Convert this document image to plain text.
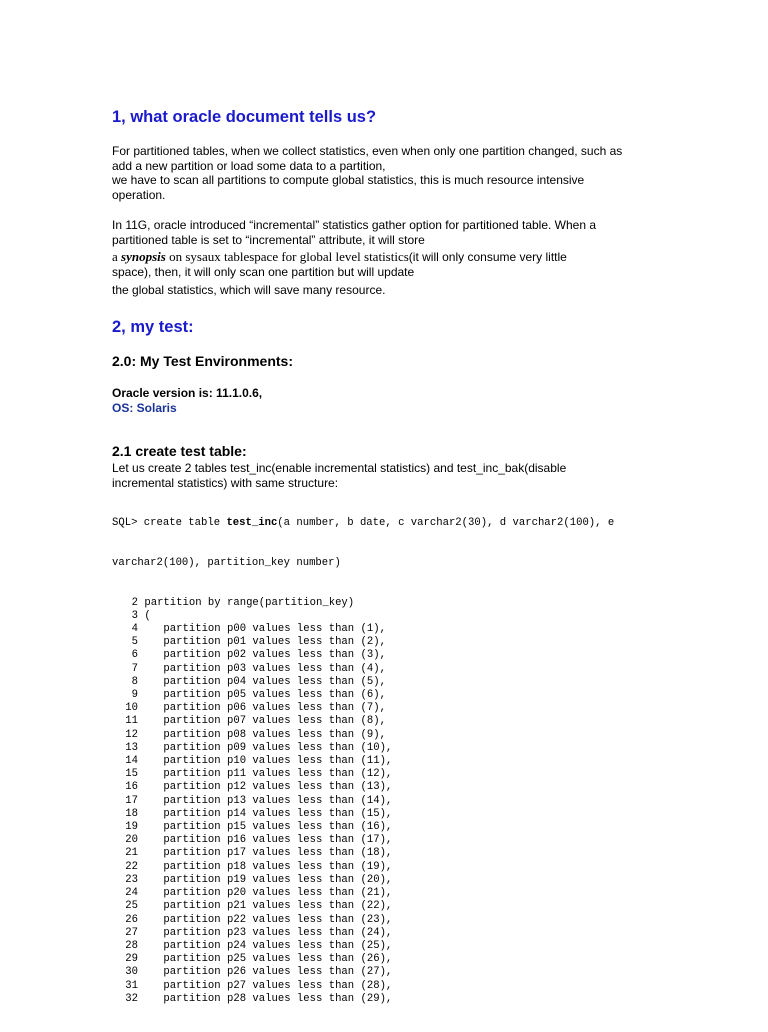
1, what oracle document tells us?
For partitioned tables, when we collect statistics, even when only one partition changed, such as
add a new partition or load some data to a partition,
we have to scan all partitions to compute global statistics, this is much resource intensive
operation.
In 11G, oracle introduced “incremental” statistics gather option for partitioned table. When a
partitioned table is set to “incremental” attribute, it will store
a synopsis on sysaux tablespace for global level statistics(it will only consume very little
space), then, it will only scan one partition but will update
the global statistics, which will save many resource.
2, my test:
2.0: My Test Environments:
Oracle version is: 11.1.0.6,
OS: Solaris
2.1 create test table:
Let us create 2 tables test_inc(enable incremental statistics) and test_inc_bak(disable
incremental statistics) with same structure:

SQL> create table test_inc(a number, b date, c varchar2(30), d varchar2(100), e

varchar2(100), partition_key number)

2 partition by range(partition_key)
3 (
4    partition p00 values less than (1),
5    partition p01 values less than (2),
6    partition p02 values less than (3),
7    partition p03 values less than (4),
8    partition p04 values less than (5),
9    partition p05 values less than (6),
10    partition p06 values less than (7),
11    partition p07 values less than (8),
12    partition p08 values less than (9),
13    partition p09 values less than (10),
14    partition p10 values less than (11),
15    partition p11 values less than (12),
16    partition p12 values less than (13),
17    partition p13 values less than (14),
18    partition p14 values less than (15),
19    partition p15 values less than (16),
20    partition p16 values less than (17),
21    partition p17 values less than (18),
22    partition p18 values less than (19),
23    partition p19 values less than (20),
24    partition p20 values less than (21),
25    partition p21 values less than (22),
26    partition p22 values less than (23),
27    partition p23 values less than (24),
28    partition p24 values less than (25),
29    partition p25 values less than (26),
30    partition p26 values less than (27),
31    partition p27 values less than (28),
32    partition p28 values less than (29),
